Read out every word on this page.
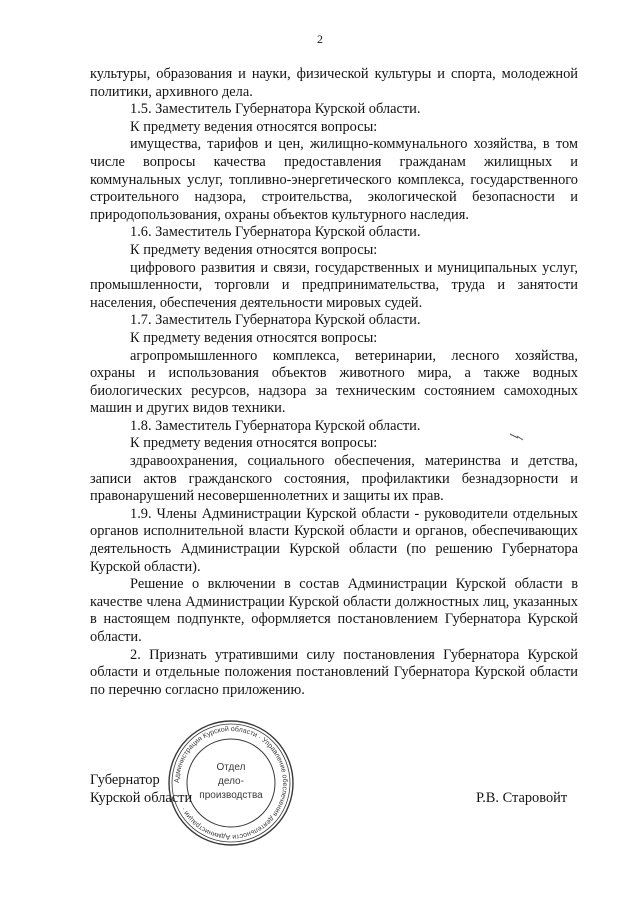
2

культуры, образования и науки, физической культуры и спорта, молодежной политики, архивного дела.

1.5. Заместитель Губернатора Курской области.

К предмету ведения относятся вопросы:

имущества, тарифов и цен, жилищно-коммунального хозяйства, в том числе вопросы качества предоставления гражданам жилищных и коммунальных услуг, топливно-энергетического комплекса, государственного строительного надзора, строительства, экологической безопасности и природопользования, охраны объектов культурного наследия.

1.6. Заместитель Губернатора Курской области.

К предмету ведения относятся вопросы:

цифрового развития и связи, государственных и муниципальных услуг, промышленности, торговли и предпринимательства, труда и занятости населения, обеспечения деятельности мировых судей.

1.7. Заместитель Губернатора Курской области.

К предмету ведения относятся вопросы:

агропромышленного комплекса, ветеринарии, лесного хозяйства, охраны и использования объектов животного мира, а также водных биологических ресурсов, надзора за техническим состоянием самоходных машин и других видов техники.

1.8. Заместитель Губернатора Курской области.

К предмету ведения относятся вопросы:

здравоохранения, социального обеспечения, материнства и детства, записи актов гражданского состояния, профилактики безнадзорности и правонарушений несовершеннолетних и защиты их прав.

1.9. Члены Администрации Курской области - руководители отдельных органов исполнительной власти Курской области и органов, обеспечивающих деятельность Администрации Курской области (по решению Губернатора Курской области).

Решение о включении в состав Администрации Курской области в качестве члена Администрации Курской области должностных лиц, указанных в настоящем подпункте, оформляется постановлением Губернатора Курской области.

2. Признать утратившими силу постановления Губернатора Курской области и отдельные положения постановлений Губернатора Курской области по перечню согласно приложению.

Губернатор
Курской области	Р.В. Старовойт
Администрация Курской области · Управление обеспечения деятельности Администрации ·
Отдел
дело-
производства
